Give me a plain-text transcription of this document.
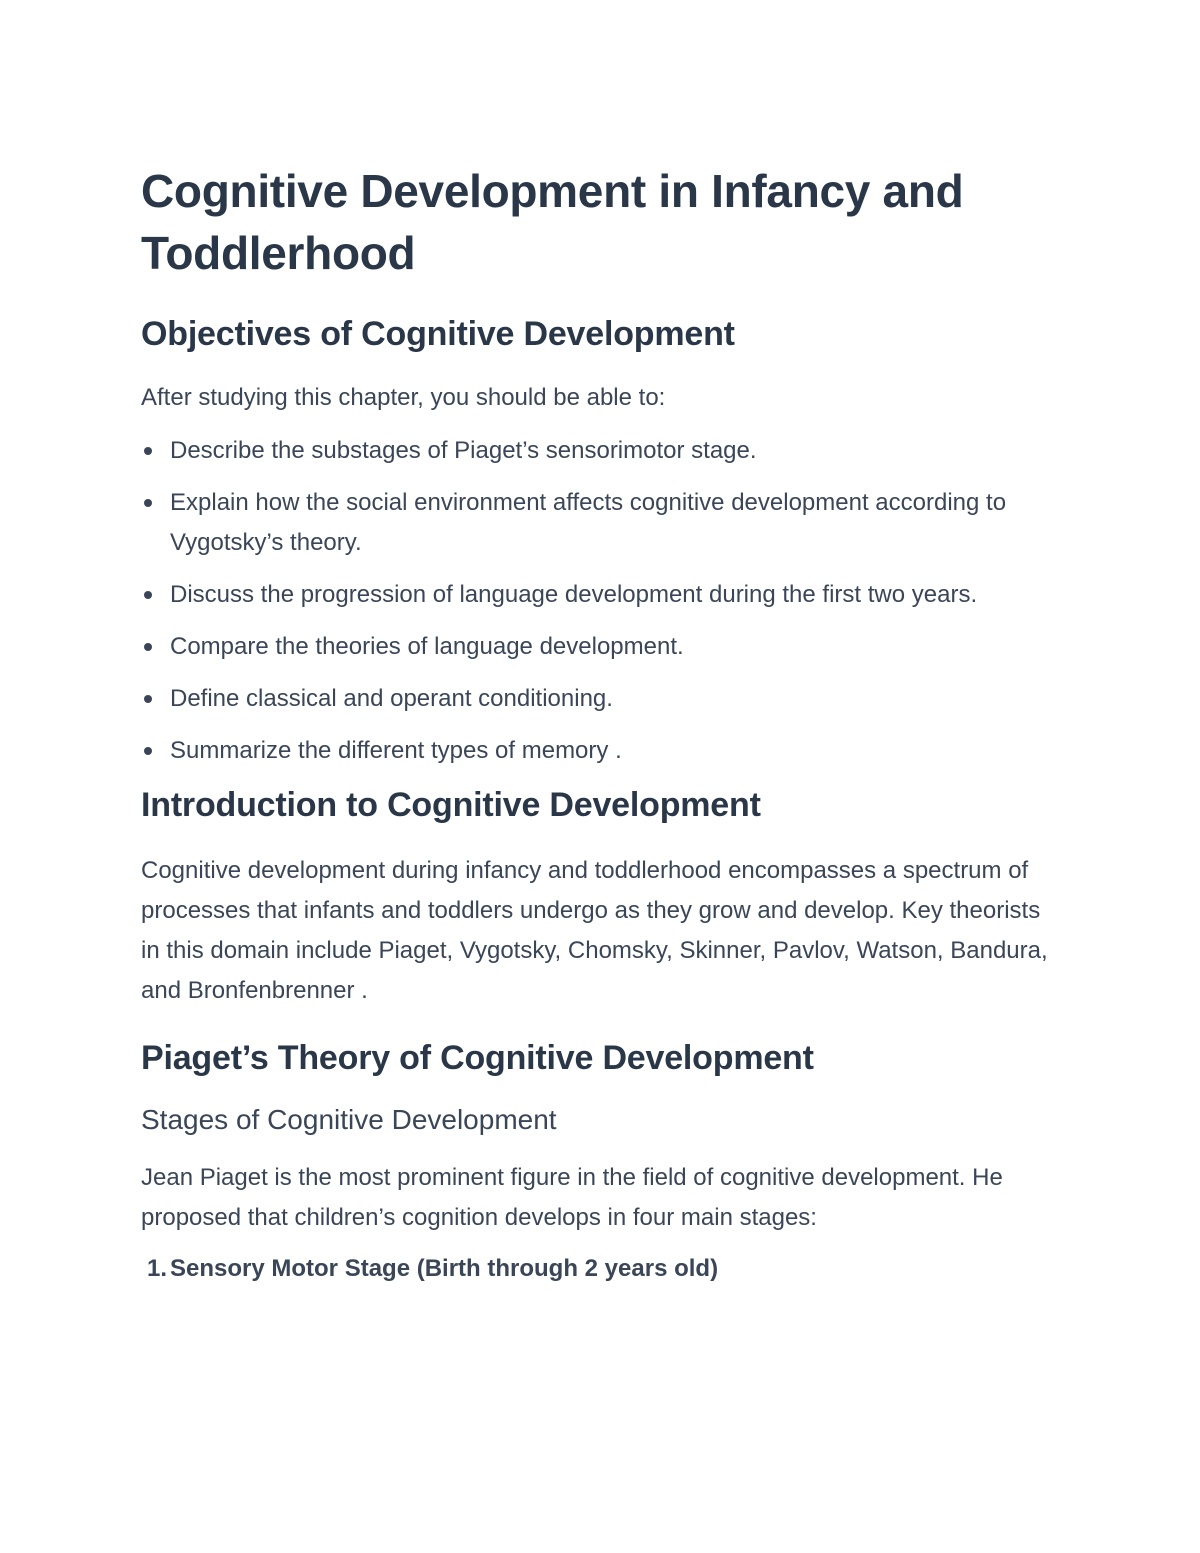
Cognitive Development in Infancy and Toddlerhood
Objectives of Cognitive Development

After studying this chapter, you should be able to:

Describe the substages of Piaget’s sensorimotor stage.
Explain how the social environment affects cognitive development according to Vygotsky’s theory.
Discuss the progression of language development during the first two years.
Compare the theories of language development.
Define classical and operant conditioning.
Summarize the different types of memory .
Introduction to Cognitive Development

Cognitive development during infancy and toddlerhood encompasses a spectrum of processes that infants and toddlers undergo as they grow and develop. Key theorists in this domain include Piaget, Vygotsky, Chomsky, Skinner, Pavlov, Watson, Bandura, and Bronfenbrenner .

Piaget’s Theory of Cognitive Development
Stages of Cognitive Development

Jean Piaget is the most prominent figure in the field of cognitive development. He proposed that children’s cognition develops in four main stages:

1. Sensory Motor Stage (Birth through 2 years old)
